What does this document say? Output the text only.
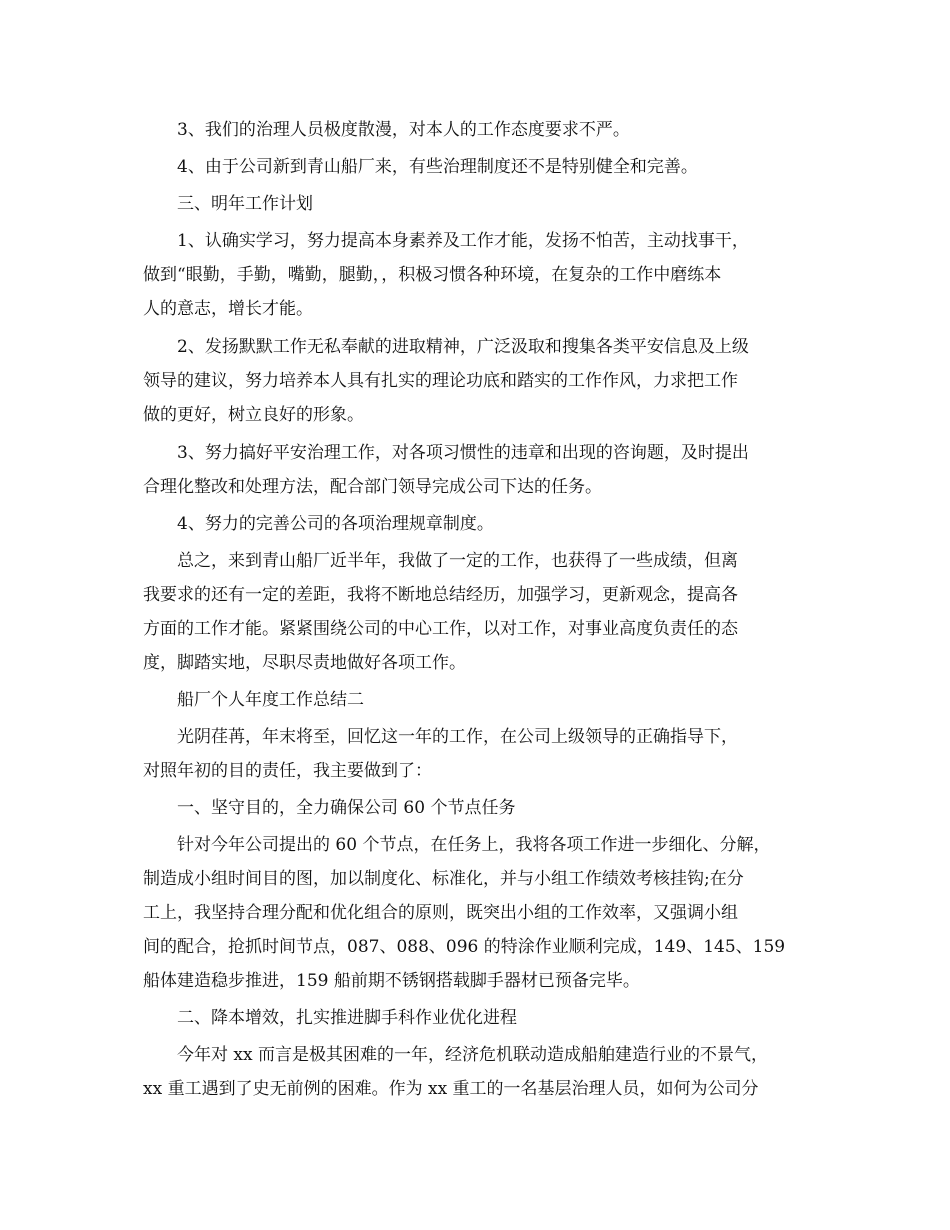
3、我们的治理人员极度散漫，对本人的工作态度要求不严。
4、由于公司新到青山船厂来，有些治理制度还不是特别健全和完善。
三、明年工作计划
1、认确实学习，努力提高本身素养及工作才能，发扬不怕苦，主动找事干，
做到“眼勤，手勤，嘴勤，腿勤，，积极习惯各种环境，在复杂的工作中磨练本
人的意志，增长才能。
2、发扬默默工作无私奉献的进取精神，广泛汲取和搜集各类平安信息及上级
领导的建议，努力培养本人具有扎实的理论功底和踏实的工作作风，力求把工作
做的更好，树立良好的形象。
3、努力搞好平安治理工作，对各项习惯性的违章和出现的咨询题，及时提出
合理化整改和处理方法，配合部门领导完成公司下达的任务。
4、努力的完善公司的各项治理规章制度。
总之，来到青山船厂近半年，我做了一定的工作，也获得了一些成绩，但离
我要求的还有一定的差距，我将不断地总结经历，加强学习，更新观念，提高各
方面的工作才能。紧紧围绕公司的中心工作，以对工作，对事业高度负责任的态
度，脚踏实地，尽职尽责地做好各项工作。
船厂个人年度工作总结二
光阴荏苒，年末将至，回忆这一年的工作，在公司上级领导的正确指导下，
对照年初的目的责任，我主要做到了：
一、坚守目的，全力确保公司 60 个节点任务
针对今年公司提出的 60 个节点，在任务上，我将各项工作进一步细化、分解，
制造成小组时间目的图，加以制度化、标准化，并与小组工作绩效考核挂钩;在分
工上，我坚持合理分配和优化组合的原则，既突出小组的工作效率，又强调小组
间的配合，抢抓时间节点，087、088、096 的特涂作业顺利完成，149、145、159
船体建造稳步推进，159 船前期不锈钢搭载脚手器材已预备完毕。
二、降本增效，扎实推进脚手科作业优化进程
今年对 xx 而言是极其困难的一年，经济危机联动造成船舶建造行业的不景气，
xx 重工遇到了史无前例的困难。作为 xx 重工的一名基层治理人员，如何为公司分
